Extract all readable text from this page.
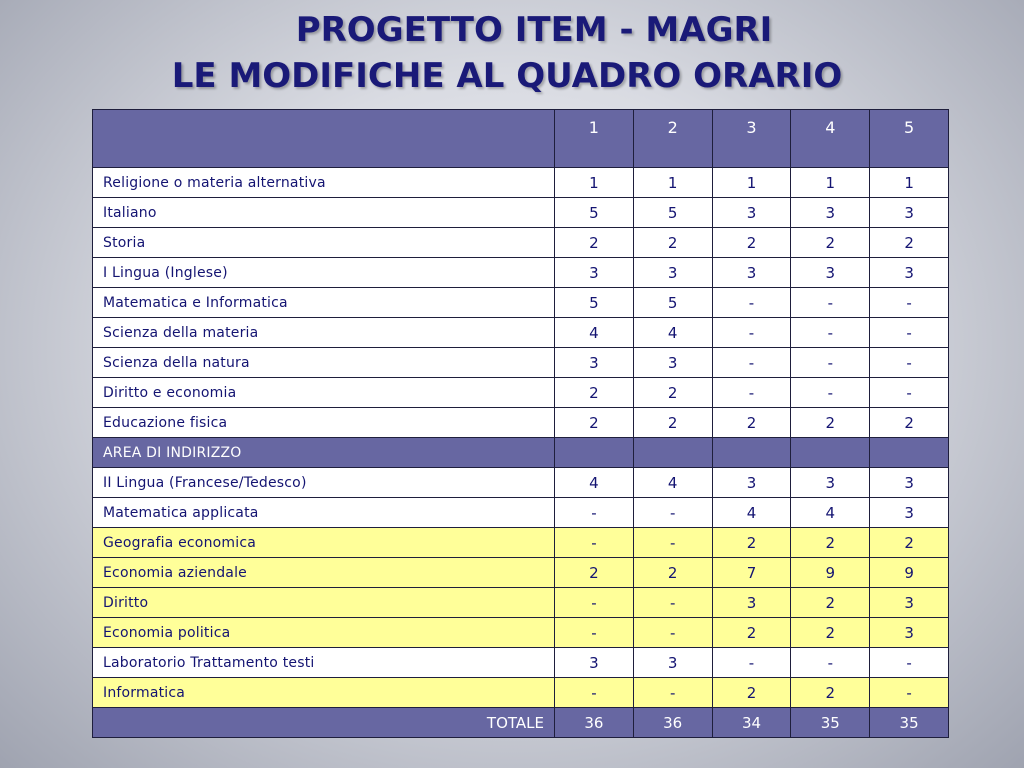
PROGETTO ITEM - MAGRI
LE MODIFICHE AL QUADRO ORARIO
	1	2	3	4	5
Religione o materia alternativa	1	1	1	1	1
Italiano	5	5	3	3	3
Storia	2	2	2	2	2
I Lingua (Inglese)	3	3	3	3	3
Matematica e Informatica	5	5	-	-	-
Scienza della materia	4	4	-	-	-
Scienza della natura	3	3	-	-	-
Diritto e economia	2	2	-	-	-
Educazione fisica	2	2	2	2	2
AREA DI INDIRIZZO					
II Lingua (Francese/Tedesco)	4	4	3	3	3
Matematica applicata	-	-	4	4	3
Geografia economica	-	-	2	2	2
Economia aziendale	2	2	7	9	9
Diritto	-	-	3	2	3
Economia politica	-	-	2	2	3
Laboratorio Trattamento testi	3	3	-	-	-
Informatica	-	-	2	2	-
TOTALE	36	36	34	35	35
